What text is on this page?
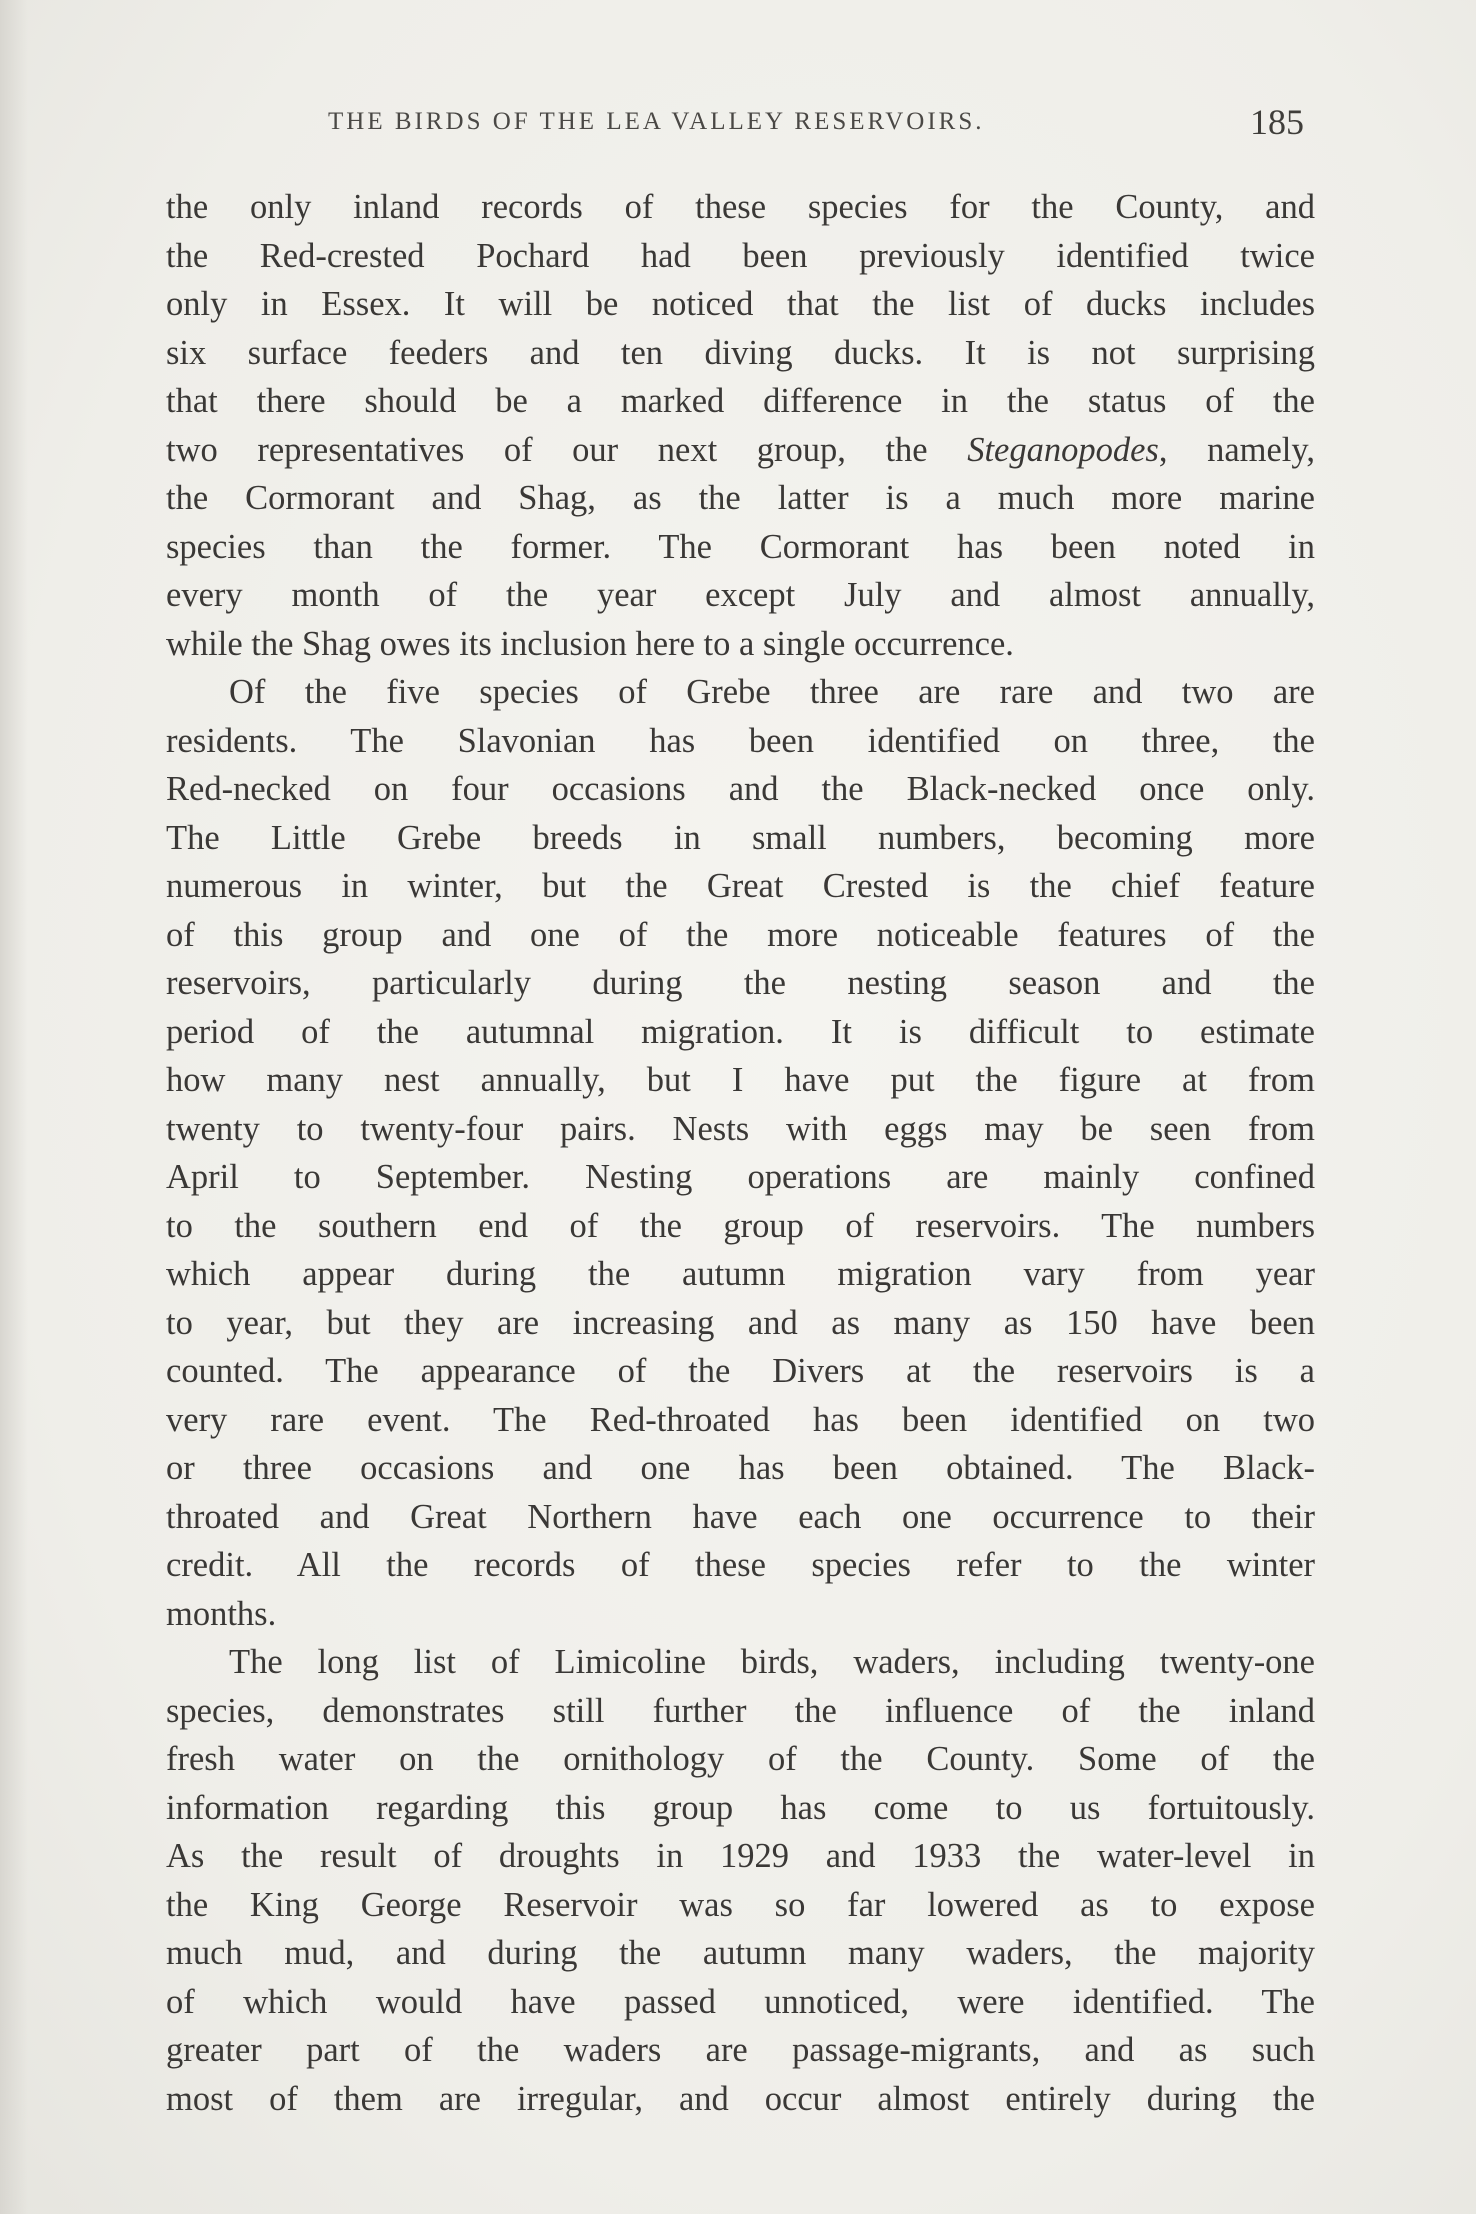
THE BIRDS OF THE LEA VALLEY RESERVOIRS.	185
the only inland records of these species for the County, and
the Red-crested Pochard had been previously identified twice
only in Essex. It will be noticed that the list of ducks includes
six surface feeders and ten diving ducks. It is not surprising
that there should be a marked difference in the status of the
two representatives of our next group, the Steganopodes, namely,
the Cormorant and Shag, as the latter is a much more marine
species than the former. The Cormorant has been noted in
every month of the year except July and almost annually,
while the Shag owes its inclusion here to a single occurrence.
Of the five species of Grebe three are rare and two are
residents. The Slavonian has been identified on three, the
Red-necked on four occasions and the Black-necked once only.
The Little Grebe breeds in small numbers, becoming more
numerous in winter, but the Great Crested is the chief feature
of this group and one of the more noticeable features of the
reservoirs, particularly during the nesting season and the
period of the autumnal migration. It is difficult to estimate
how many nest annually, but I have put the figure at from
twenty to twenty-four pairs. Nests with eggs may be seen from
April to September. Nesting operations are mainly confined
to the southern end of the group of reservoirs. The numbers
which appear during the autumn migration vary from year
to year, but they are increasing and as many as 150 have been
counted. The appearance of the Divers at the reservoirs is a
very rare event. The Red-throated has been identified on two
or three occasions and one has been obtained. The Black-
throated and Great Northern have each one occurrence to their
credit. All the records of these species refer to the winter
months.
The long list of Limicoline birds, waders, including twenty-one
species, demonstrates still further the influence of the inland
fresh water on the ornithology of the County. Some of the
information regarding this group has come to us fortuitously.
As the result of droughts in 1929 and 1933 the water-level in
the King George Reservoir was so far lowered as to expose
much mud, and during the autumn many waders, the majority
of which would have passed unnoticed, were identified. The
greater part of the waders are passage-migrants, and as such
most of them are irregular, and occur almost entirely during the
